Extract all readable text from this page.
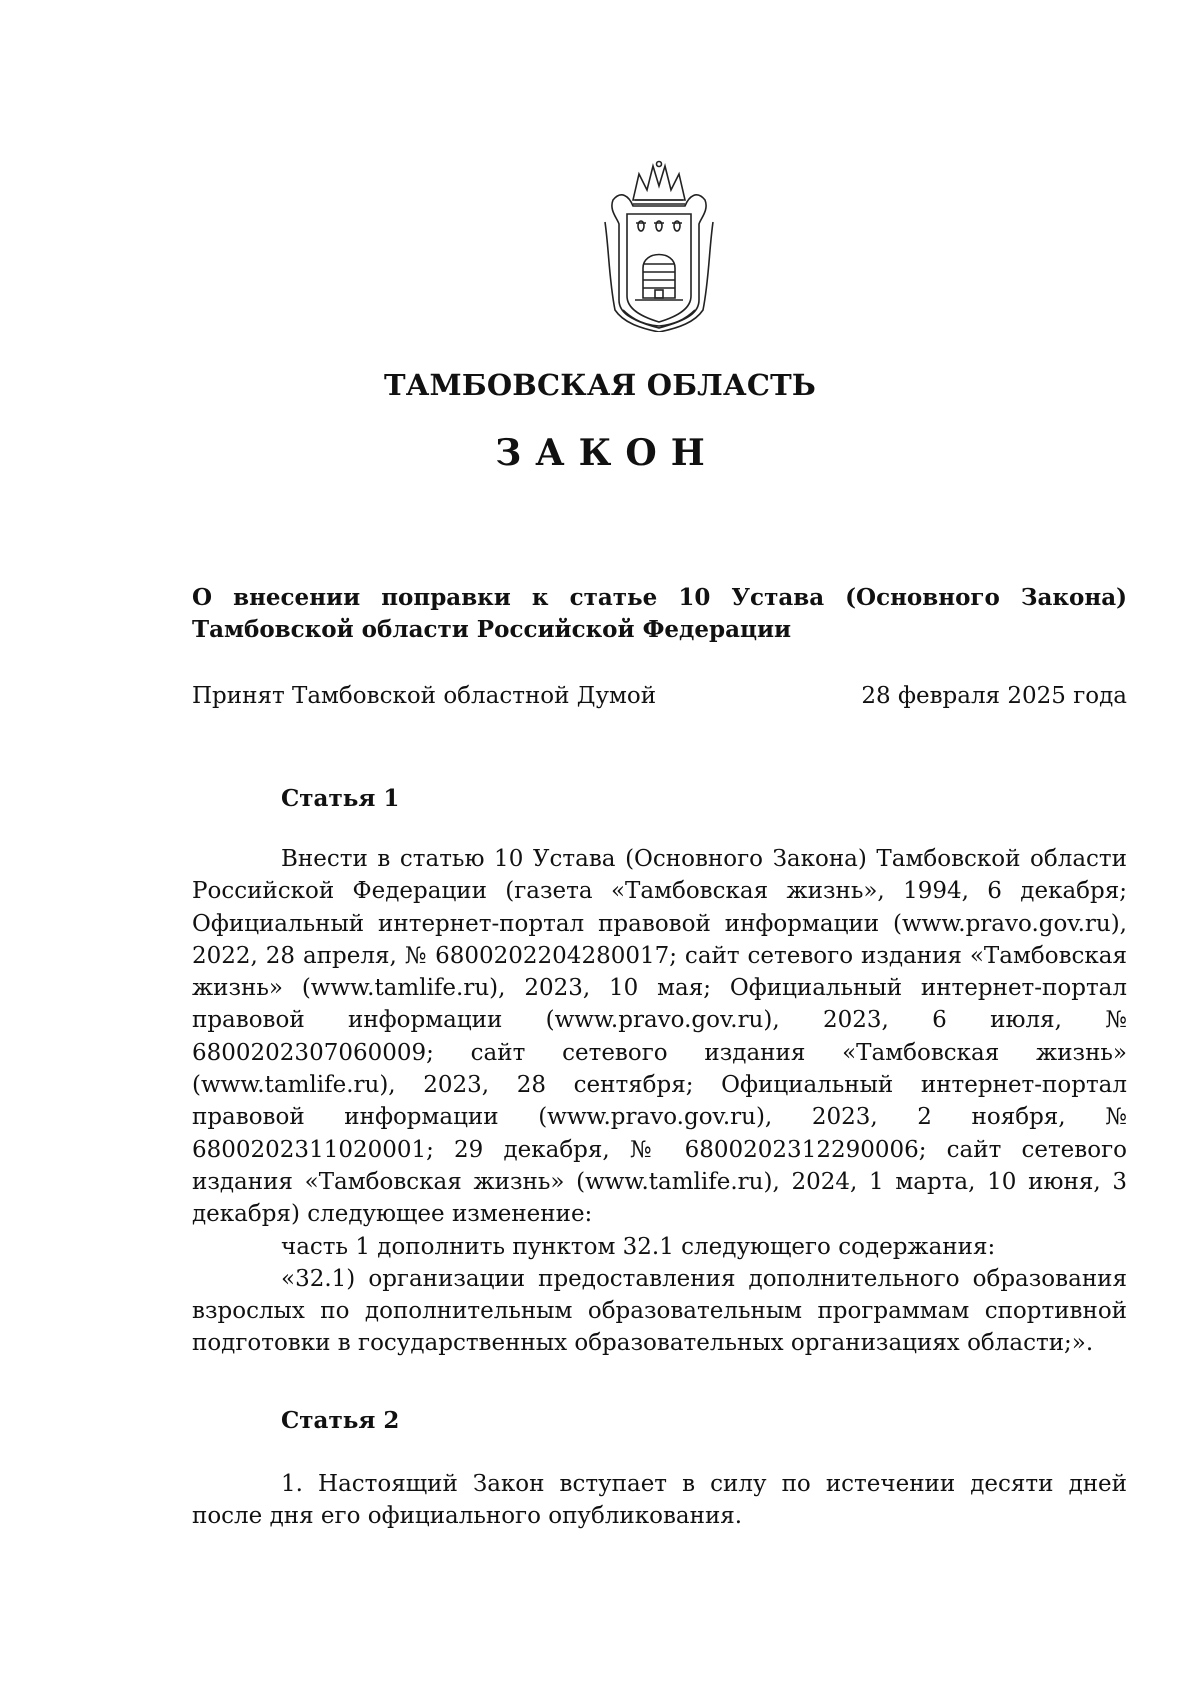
ТАМБОВСКАЯ ОБЛАСТЬ
ЗАКОН
О внесении поправки к статье 10 Устава (Основного Закона)
Тамбовской области Российской Федерации
Принят Тамбовской областной Думой	28 февраля 2025 года
Статья 1

Внести в статью 10 Устава (Основного Закона) Тамбовской области Российской Федерации (газета «Тамбовская жизнь», 1994, 6 декабря; Официальный интернет-портал правовой информации (www.pravo.gov.ru), 2022, 28 апреля, № 6800202204280017; сайт сетевого издания «Тамбовская жизнь» (www.tamlife.ru), 2023, 10 мая; Официальный интернет-портал правовой информации (www.pravo.gov.ru), 2023, 6 июля, № 6800202307060009; сайт сетевого издания «Тамбовская жизнь» (www.tamlife.ru), 2023, 28 сентября; Официальный интернет-портал правовой информации (www.pravo.gov.ru), 2023, 2 ноября, № 6800202311020001; 29 декабря, № 6800202312290006; сайт сетевого издания «Тамбовская жизнь» (www.tamlife.ru), 2024, 1 марта, 10 июня, 3 декабря) следующее изменение:

часть 1 дополнить пунктом 32.1 следующего содержания:

«32.1) организации предоставления дополнительного образования взрослых по дополнительным образовательным программам спортивной подготовки в государственных образовательных организациях области;».

Статья 2

1. Настоящий Закон вступает в силу по истечении десяти дней после дня его официального опубликования.
